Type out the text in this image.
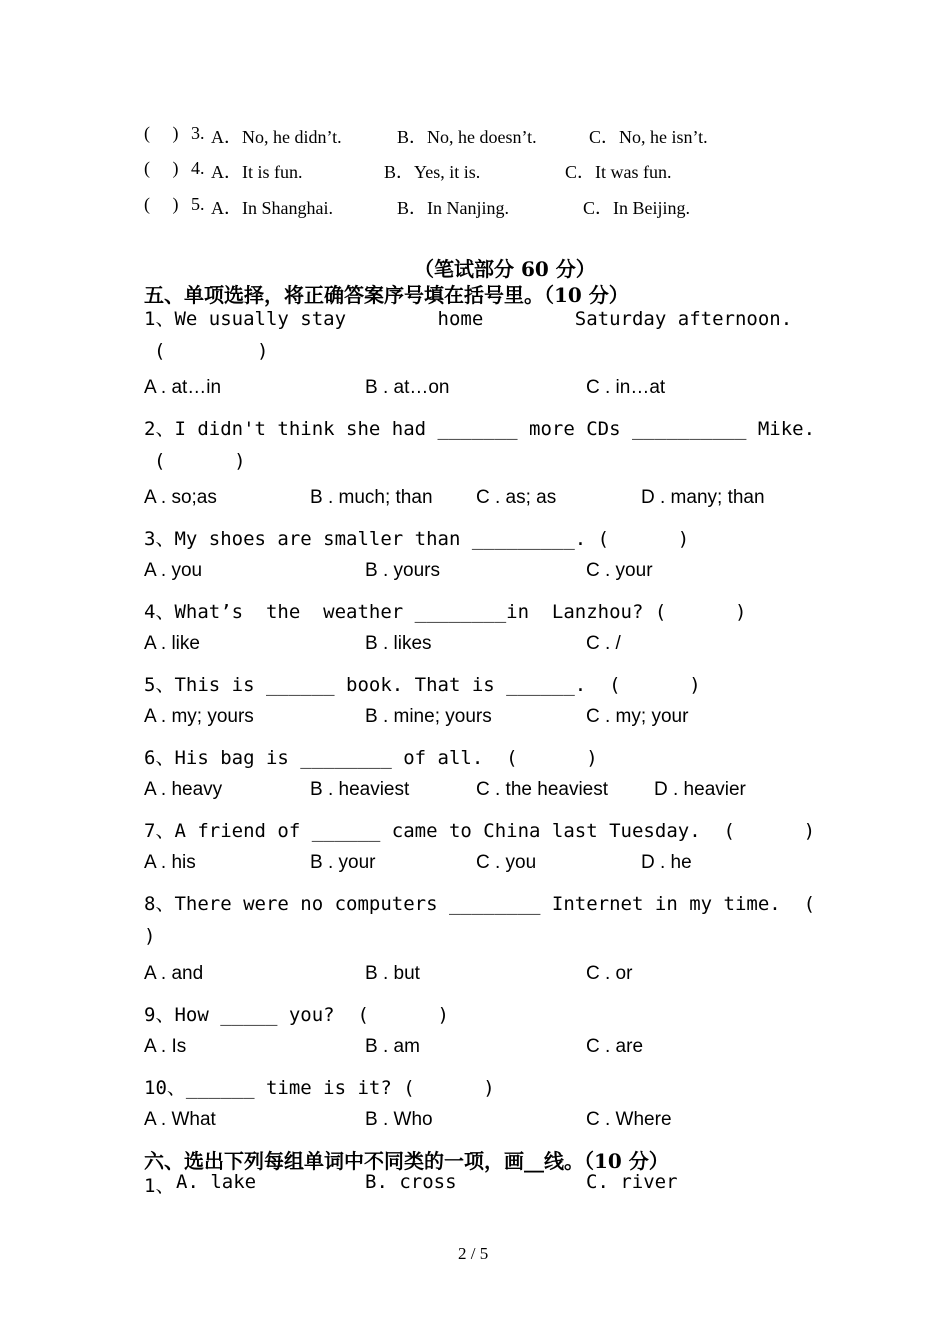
(     ) 3. A．No, he didn’t.	B．No, he doesn’t.	C．No, he isn’t.
(     ) 4. A．It is fun.	B．Yes, it is.	C．It was fun.
(     ) 5. A．In Shanghai.	B．In Nanjing.	C．In Beijing.
（笔试部分 60 分）
五、单项选择，将正确答案序号填在括号里。（10 分）
1、We usually stay        home        Saturday afternoon.
(        )
A . at…in	B . at…on	C . in…at
2、I didn't think she had _______ more CDs __________ Mike.
(      )
A . so;as	B . much; than C . as; as	D . many; than
3、My shoes are smaller than _________. (      )
A . you	B . yours	C . your
4、What’s  the  weather ________in  Lanzhou? (      )
A . like	B . likes	C . /
5、This is ______ book. That is ______.  (      )
A . my; yours	B . mine; yours	C . my; your
6、His bag is ________ of all.  (      )
A . heavy	B . heaviest	C . the heaviest D . heavier
7、A friend of ______ came to China last Tuesday.  (      )
A . his	B . your	C . you	D . he
8、There were no computers ________ Internet in my time.  (
)
A . and	B . but	C . or
9、How _____ you?  (      )
A . Is	B . am	C . are
10、______ time is it? (      )
A . What	B . Who	C . Where
六、选出下列每组单词中不同类的一项，画__线。（10 分）
1、 A. lake	B. cross	C. river
2 / 5
